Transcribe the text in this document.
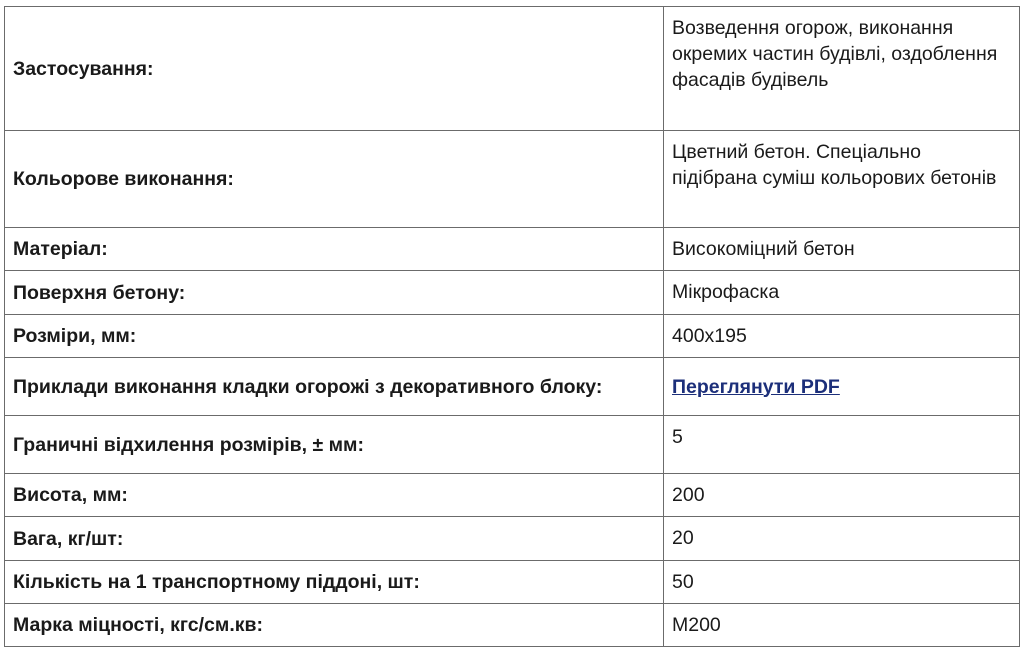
Застосування:	Возведення огорож, виконання окремих частин будівлі, оздоблення фасадів будівель
Кольорове виконання:	Цветний бетон. Спеціально підібрана суміш кольорових бетонів
Матеріал:	Високоміцний бетон
Поверхня бетону:	Мікрофаска
Розміри, мм:	400х195
Приклади виконання кладки огорожі з декоративного блоку:	Переглянути PDF
Граничні відхилення розмірів, ± мм:	5
Висота, мм:	200
Вага, кг/шт:	20
Кількість на 1 транспортному піддоні, шт:	50
Марка міцності, кгс/см.кв:	М200
